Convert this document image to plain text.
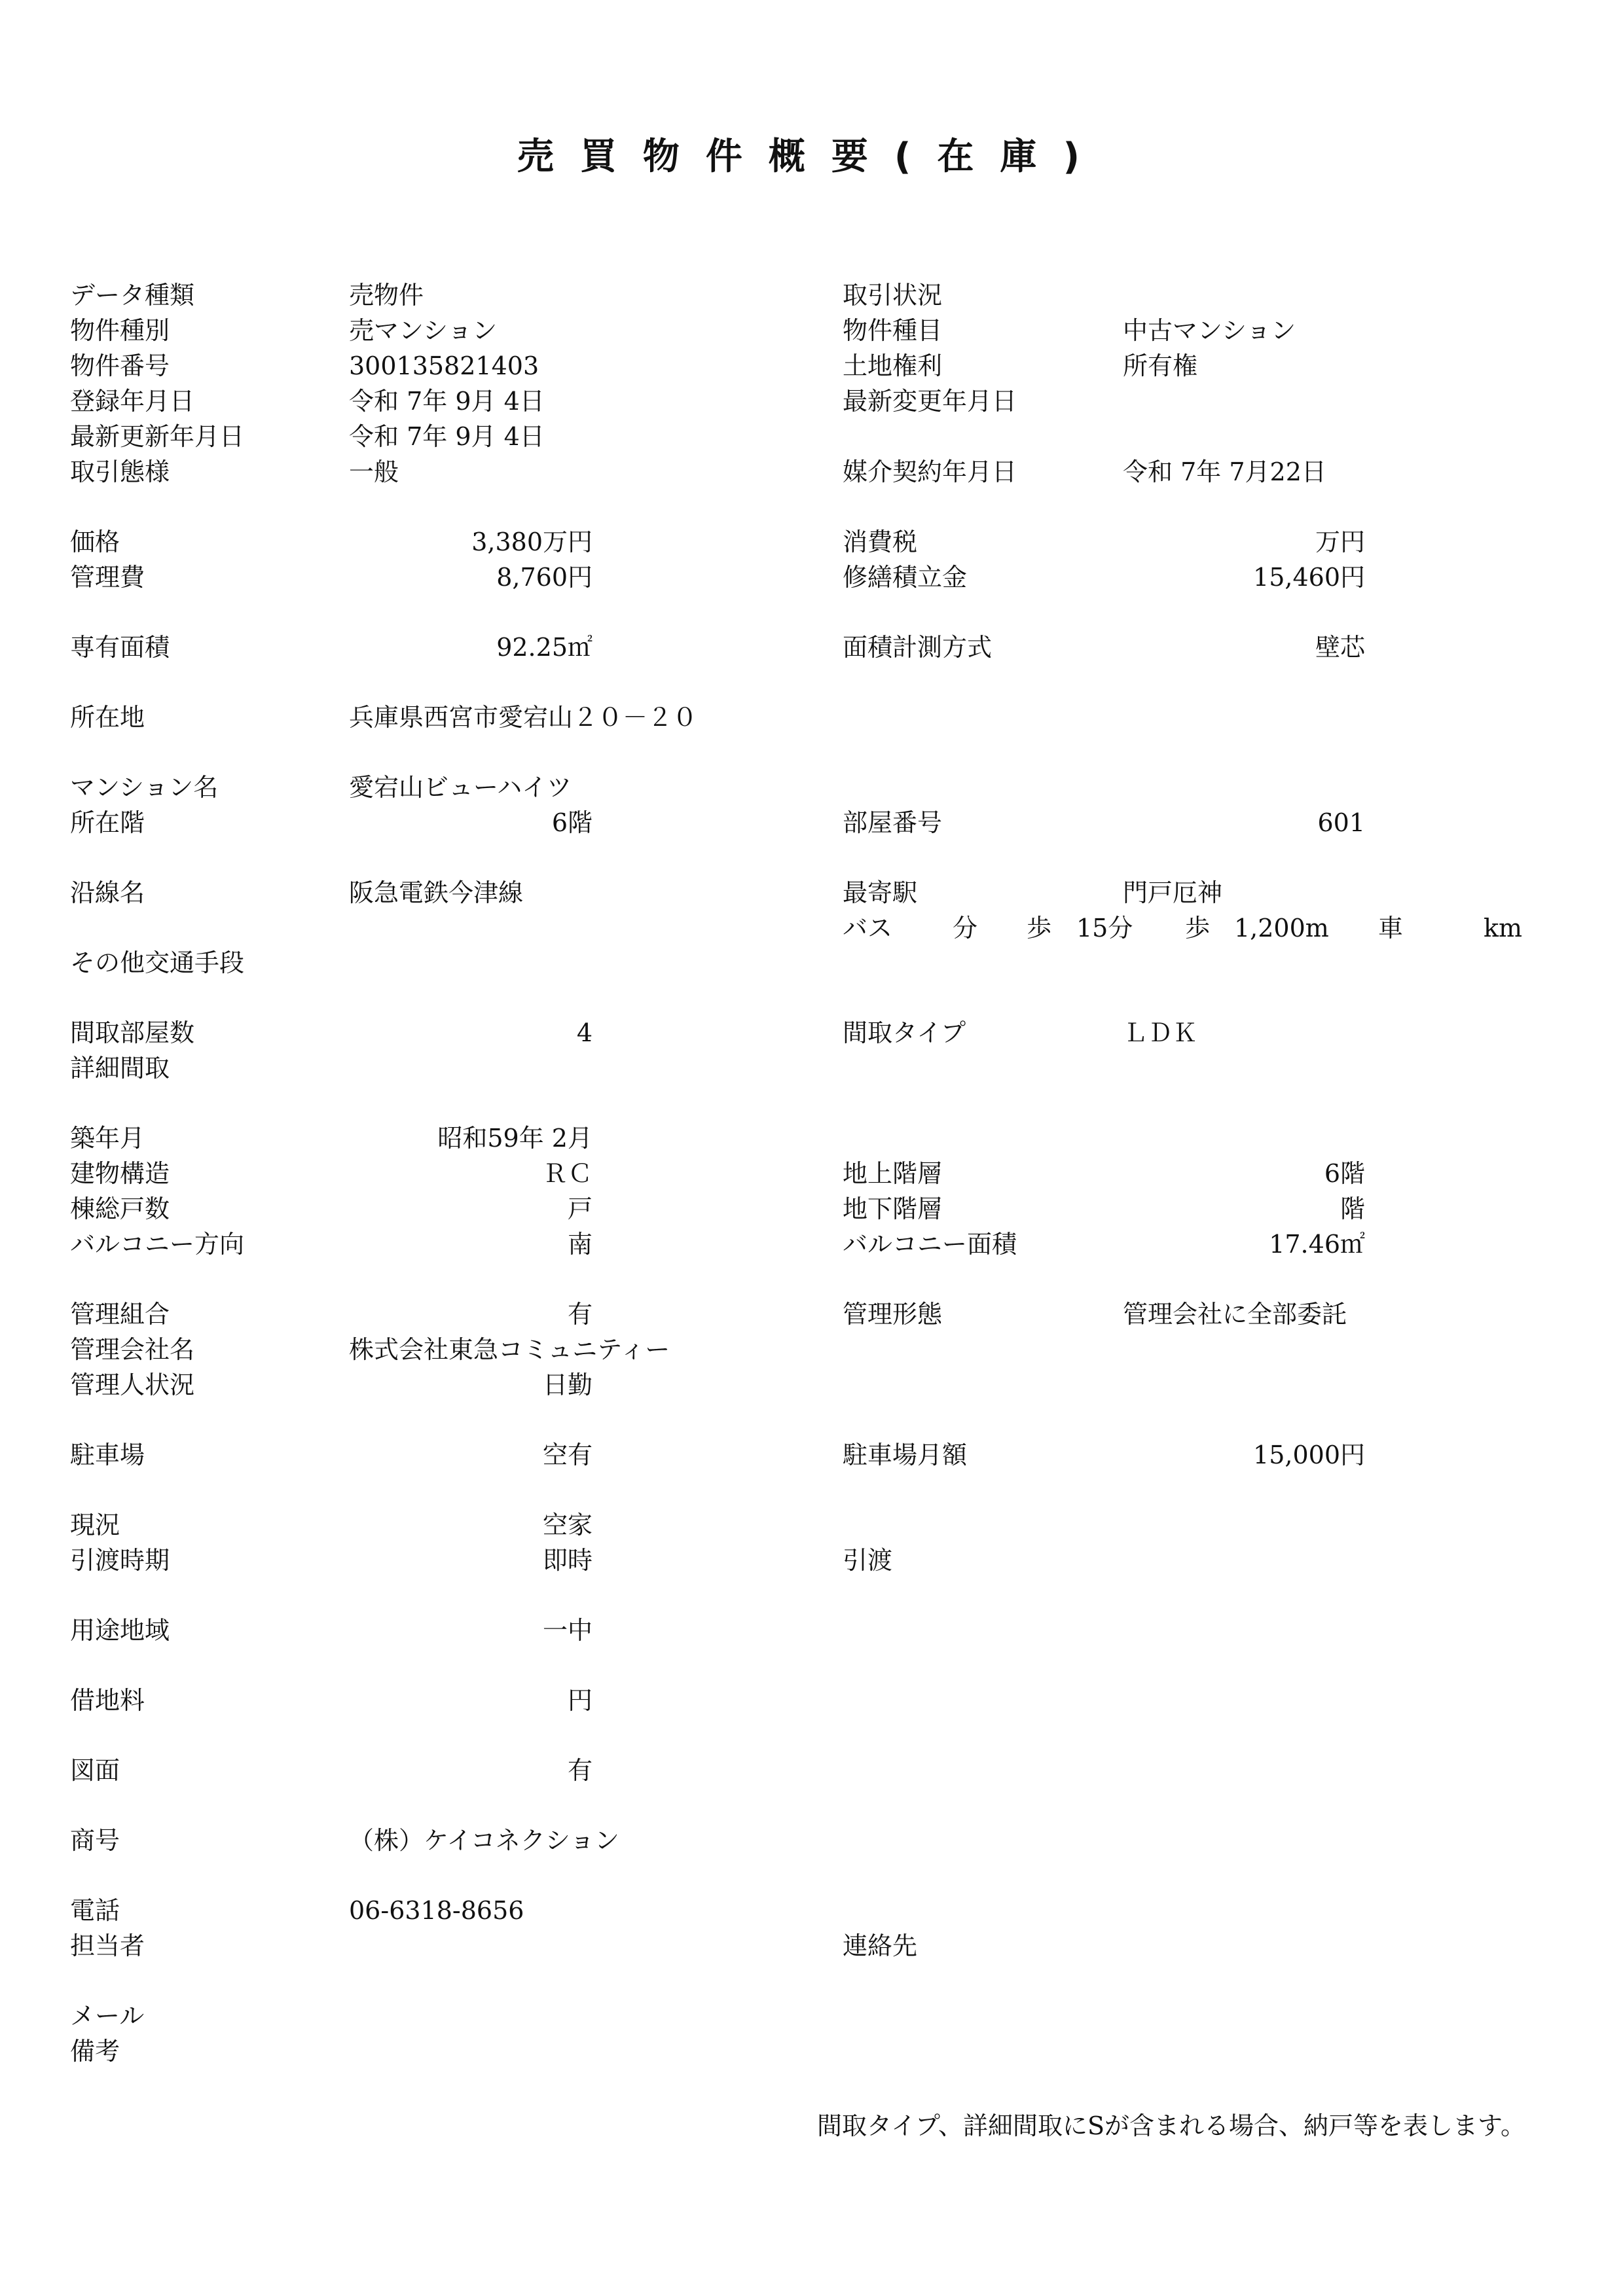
売買物件概要(在庫)
データ種類
物件種別
物件番号
登録年月日
最新更新年月日
取引態様
価格
管理費
専有面積
所在地
マンション名
所在階
沿線名
その他交通手段
間取部屋数
詳細間取
築年月
建物構造
棟総戸数
バルコニー方向
管理組合
管理会社名
管理人状況
駐車場
現況
引渡時期
用途地域
借地料
図面
商号
電話
担当者
メール
備考
売物件
売マンション
300135821403
令和 7年 9月 4日
令和 7年 9月 4日
一般
兵庫県西宮市愛宕山２０－２０
愛宕山ビューハイツ
阪急電鉄今津線
株式会社東急コミュニティー
（株）ケイコネクション
06-6318-8656
3,380万円
8,760円
92.25㎡
6階
4
昭和59年 2月
ＲＣ
戸
南
有
日勤
空有
空家
即時
一中
円
有
取引状況
物件種目
土地権利
最新変更年月日
媒介契約年月日
消費税
修繕積立金
面積計測方式
部屋番号
最寄駅
間取タイプ
地上階層
地下階層
バルコニー面積
管理形態
駐車場月額
引渡
連絡先
中古マンション
所有権
令和 7年 7月22日
門戸厄神
ＬＤＫ
管理会社に全部委託
万円
15,460円
壁芯
601
6階
階
17.46㎡
15,000円
バス 分 歩 15分 歩 1,200m 車	km
間取タイプ、詳細間取にSが含まれる場合、納戸等を表します。
